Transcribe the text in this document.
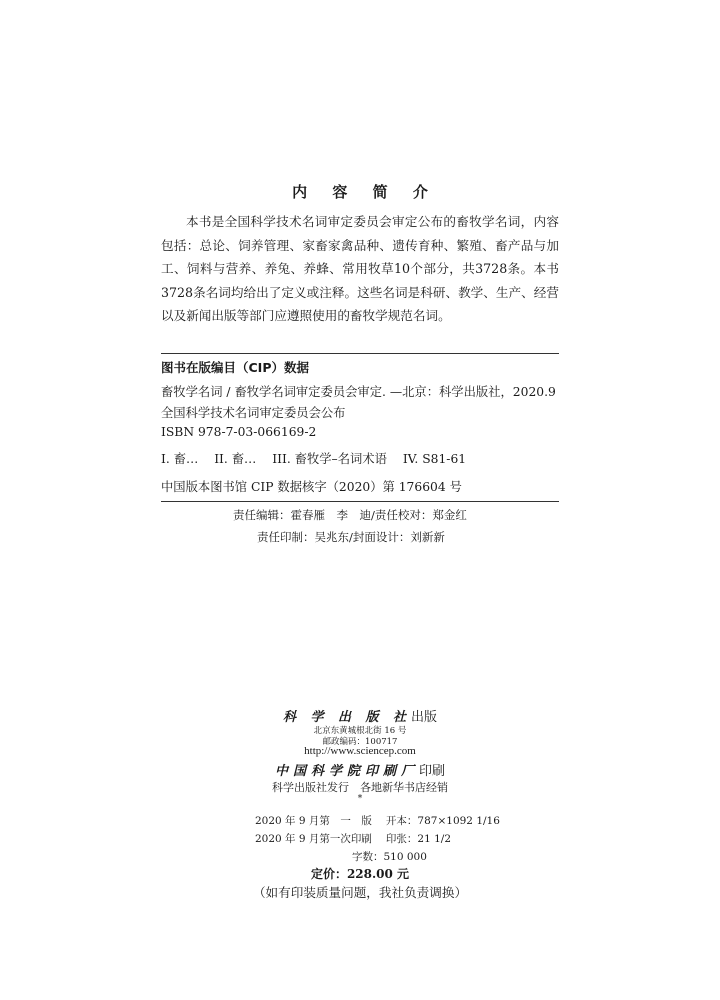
内 容 简 介

本书是全国科学技术名词审定委员会审定公布的畜牧学名词，内容包括：总论、饲养管理、家畜家禽品种、遗传育种、繁殖、畜产品与加工、饲料与营养、养兔、养蜂、常用牧草10个部分，共3728条。本书3728条名词均给出了定义或注释。这些名词是科研、教学、生产、经营以及新闻出版等部门应遵照使用的畜牧学规范名词。

图书在版编目（CIP）数据
畜牧学名词 / 畜牧学名词审定委员会审定. —北京：科学出版社，2020.9
全国科学技术名词审定委员会公布
ISBN 978-7-03-066169-2
I. 畜… II. 畜… III. 畜牧学–名词术语 IV. S81-61
中国版本图书馆 CIP 数据核字（2020）第 176604 号
责任编辑：霍春雁　李　迪/责任校对：郑金红
责任印制：吴兆东/封面设计：刘新新
科 学 出 版 社出版
北京东黄城根北街 16 号
邮政编码：100717
http://www.sciencep.com
中国科学院印刷厂印刷
科学出版社发行　各地新华书店经销
*
2020 年 9 月第　一　版 开本：787×1092 1/16
2020 年 9 月第一次印刷 印张：21 1/2
字数：510 000
定价：228.00 元
（如有印装质量问题，我社负责调换）
